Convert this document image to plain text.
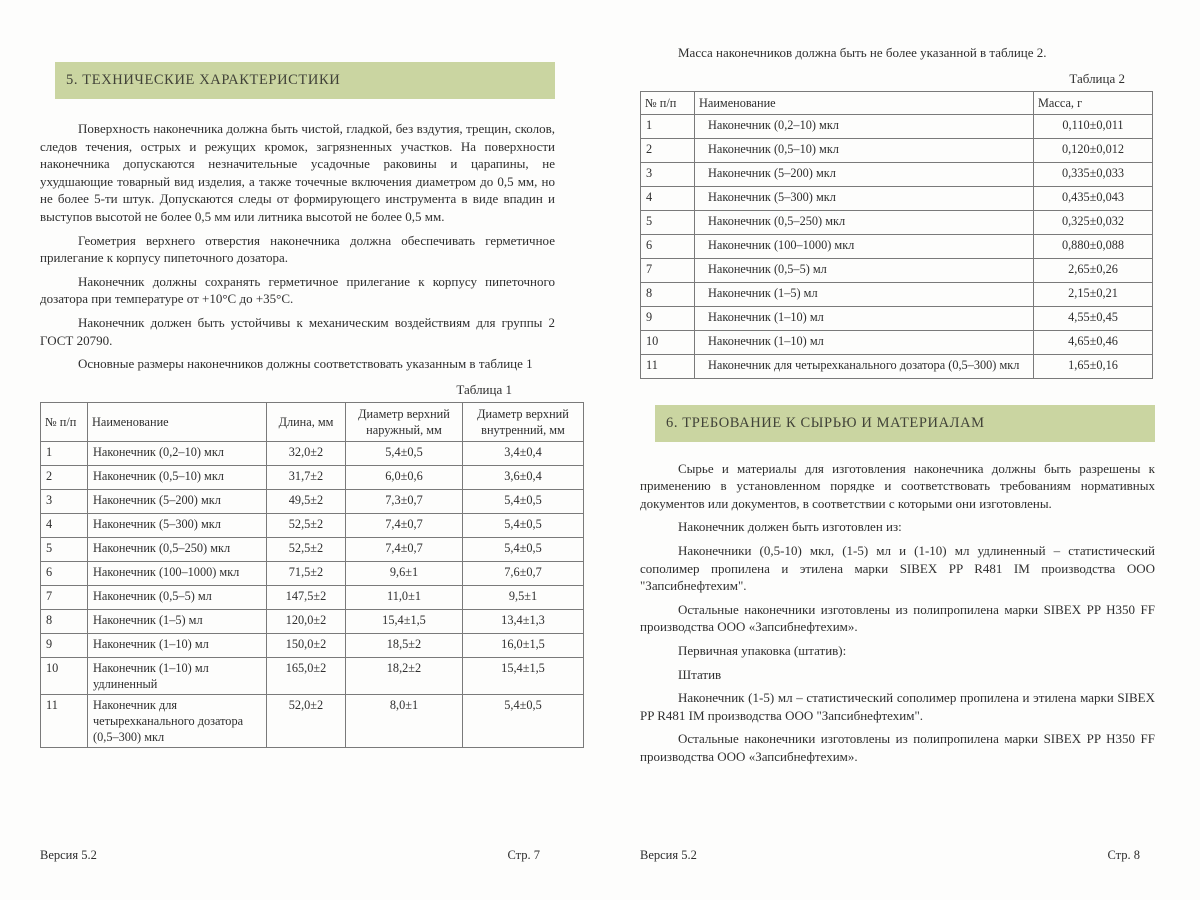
5. ТЕХНИЧЕСКИЕ ХАРАКТЕРИСТИКИ

Поверхность наконечника должна быть чистой, гладкой, без вздутия, трещин, сколов, следов течения, острых и режущих кромок, загрязненных участков. На поверхности наконечника допускаются незначительные усадочные раковины и царапины, не ухудшающие товарный вид изделия, а также точечные включения диаметром до 0,5 мм, но не более 5-ти штук. Допускаются следы от формирующего инструмента в виде впадин и выступов высотой не более 0,5 мм или литника высотой не более 0,5 мм.

Геометрия верхнего отверстия наконечника должна обеспечивать герметичное прилегание к корпусу пипеточного дозатора.

Наконечник должны сохранять герметичное прилегание к корпусу пипеточного дозатора при температуре от +10°С до +35°С.

Наконечник должен быть устойчивы к механическим воздействиям для группы 2 ГОСТ 20790.

Основные размеры наконечников должны соответствовать указанным в таблице 1

Таблица 1
№ п/п	Наименование	Длина, мм	Диаметр верхний наружный, мм	Диаметр верхний внутренний, мм
1	Наконечник (0,2–10) мкл	32,0±2	5,4±0,5	3,4±0,4
2	Наконечник (0,5–10) мкл	31,7±2	6,0±0,6	3,6±0,4
3	Наконечник (5–200) мкл	49,5±2	7,3±0,7	5,4±0,5
4	Наконечник (5–300) мкл	52,5±2	7,4±0,7	5,4±0,5
5	Наконечник (0,5–250) мкл	52,5±2	7,4±0,7	5,4±0,5
6	Наконечник (100–1000) мкл	71,5±2	9,6±1	7,6±0,7
7	Наконечник (0,5–5) мл	147,5±2	11,0±1	9,5±1
8	Наконечник (1–5) мл	120,0±2	15,4±1,5	13,4±1,3
9	Наконечник (1–10) мл	150,0±2	18,5±2	16,0±1,5
10	Наконечник (1–10) мл удлиненный	165,0±2	18,2±2	15,4±1,5
11	Наконечник для четырехканального дозатора (0,5–300) мкл	52,0±2	8,0±1	5,4±0,5
Версия 5.2	Стр. 7

Масса наконечников должна быть не более указанной в таблице 2.

Таблица 2
№ п/п	Наименование	Масса, г
1	Наконечник (0,2–10) мкл	0,110±0,011
2	Наконечник (0,5–10) мкл	0,120±0,012
3	Наконечник (5–200) мкл	0,335±0,033
4	Наконечник (5–300) мкл	0,435±0,043
5	Наконечник (0,5–250) мкл	0,325±0,032
6	Наконечник (100–1000) мкл	0,880±0,088
7	Наконечник (0,5–5) мл	2,65±0,26
8	Наконечник (1–5) мл	2,15±0,21
9	Наконечник (1–10) мл	4,55±0,45
10	Наконечник (1–10) мл	4,65±0,46
11	Наконечник для четырехканального дозатора (0,5–300) мкл	1,65±0,16
6. ТРЕБОВАНИЕ К СЫРЬЮ И МАТЕРИАЛАМ

Сырье и материалы для изготовления наконечника должны быть разрешены к применению в установленном порядке и соответствовать требованиям нормативных документов или документов, в соответствии с которыми они изготовлены.

Наконечник должен быть изготовлен из:

Наконечники (0,5-10) мкл, (1-5) мл и (1-10) мл удлиненный – статистический сополимер пропилена и этилена марки SIBEX PP R481 IM производства ООО "Запсибнефтехим".

Остальные наконечники изготовлены из полипропилена марки SIBEX PP H350 FF производства ООО «Запсибнефтехим».

Первичная упаковка (штатив):

Штатив

Наконечник (1-5) мл – статистический сополимер пропилена и этилена марки SIBEX PP R481 IM производства ООО "Запсибнефтехим".

Остальные наконечники изготовлены из полипропилена марки SIBEX PP H350 FF производства ООО «Запсибнефтехим».

Версия 5.2	Стр. 8
